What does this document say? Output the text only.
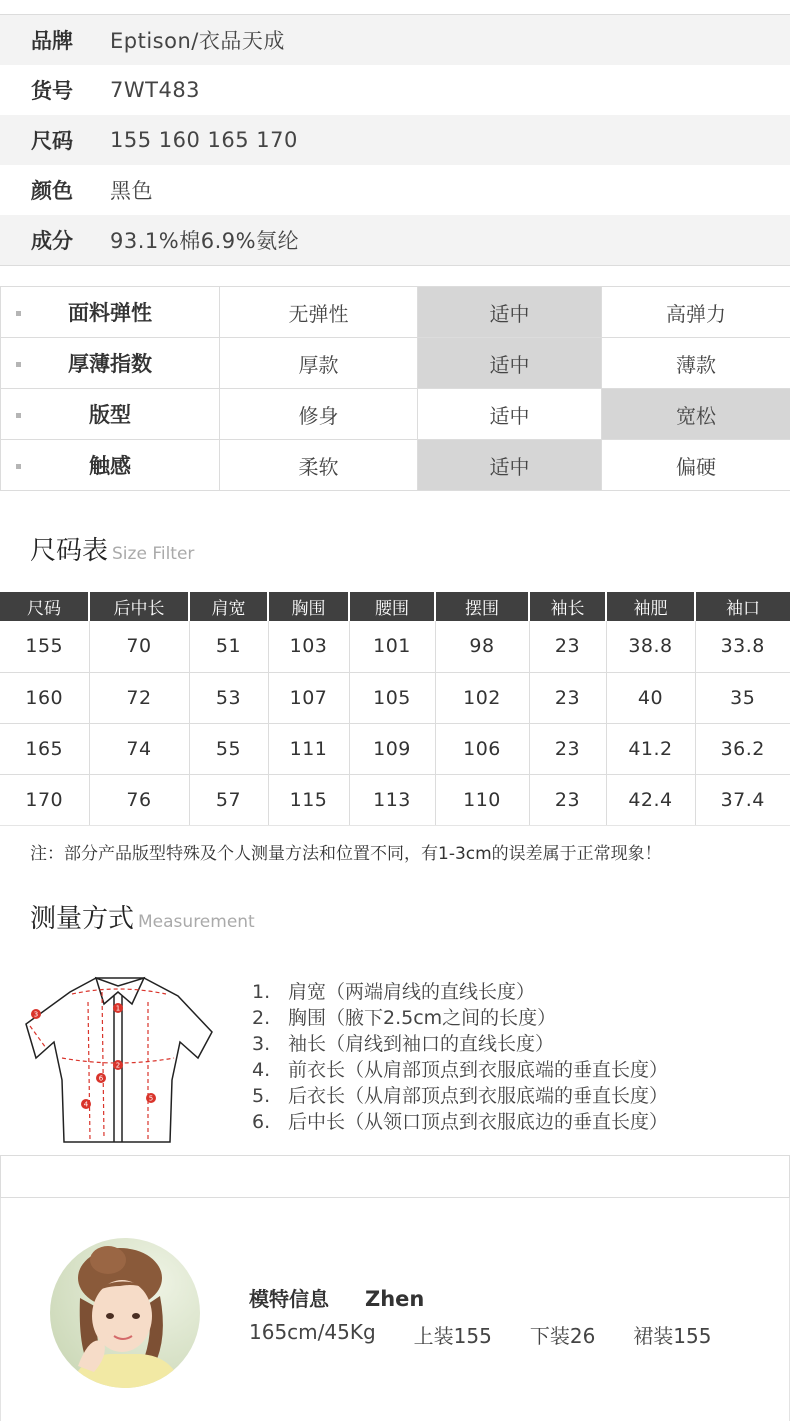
品牌	Eptison/衣品天成
货号	7WT483
尺码	155 160 165 170
颜色	黑色
成分	93.1%棉6.9%氨纶
面料弹性	无弹性	适中	高弹力

厚薄指数	厚款	适中	薄款

版型	修身	适中	宽松

触感	柔软	适中	偏硬
尺码表 Size Filter
尺码	后中长	肩宽	胸围	腰围	摆围	袖长	袖肥	袖口
155	70	51	103	101	98	23	38.8	33.8
160	72	53	107	105	102	23	40	35
165	74	55	111	109	106	23	41.2	36.2
170	76	57	115	113	110	23	42.4	37.4
注：部分产品版型特殊及个人测量方法和位置不同，有1-3cm的误差属于正常现象！
测量方式 Measurement
1
2
3
4
5
6
1. 肩宽（两端肩线的直线长度）
2. 胸围（腋下2.5cm之间的长度）
3. 袖长（肩线到袖口的直线长度）
4. 前衣长（从肩部顶点到衣服底端的垂直长度）
5. 后衣长（从肩部顶点到衣服底端的垂直长度）
6. 后中长（从领口顶点到衣服底边的垂直长度）
模特信息 Zhen
165cm/45Kg 上装155 下装26 裙装155
